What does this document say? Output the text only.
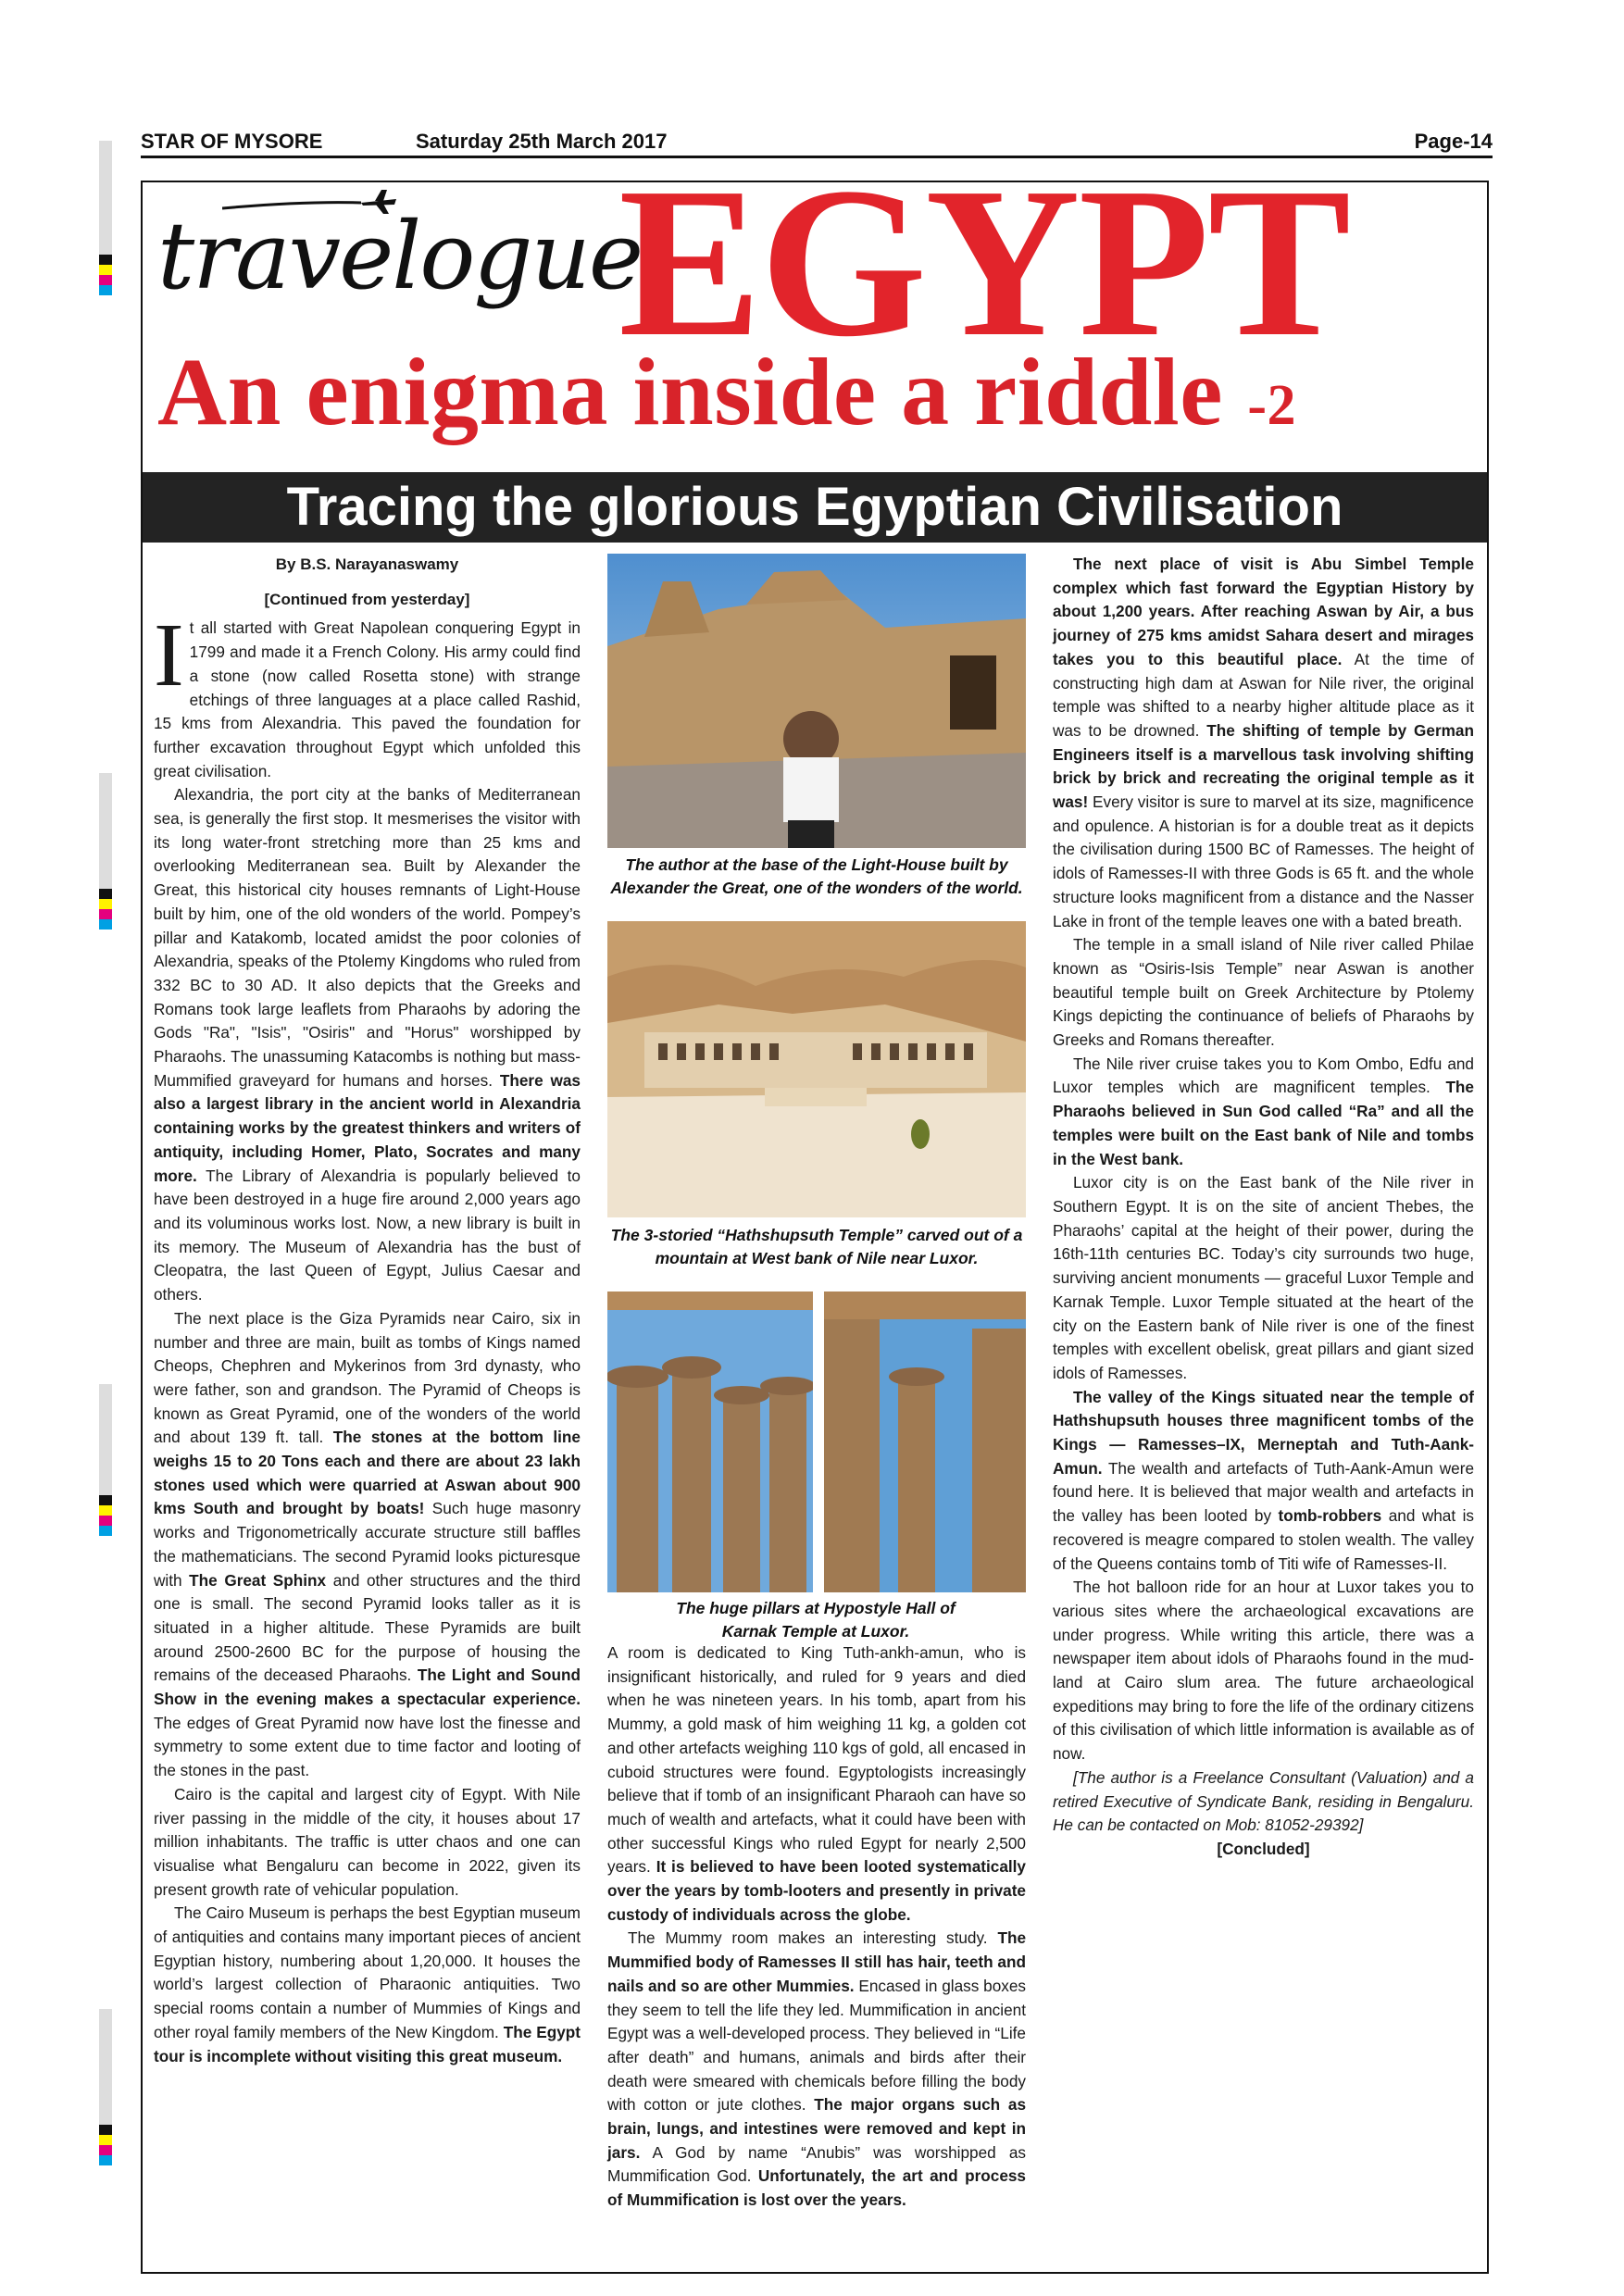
STAR OF MYSORE	Saturday 25th March 2017	Page-14
travelogue
EGYPT
An enigma inside a riddle -2
Tracing the glorious Egyptian Civilisation
By B.S. Narayanaswamy
[Continued from yesterday]

It all started with Great Napolean conquering Egypt in 1799 and made it a French Colony. His army could find a stone (now called Rosetta stone) with strange etchings of three languages at a place called Rashid, 15 kms from Alexandria. This paved the foundation for further excavation throughout Egypt which unfolded this great civilisation.

Alexandria, the port city at the banks of Mediterranean sea, is generally the first stop. It mesmerises the visitor with its long water-front stretching more than 25 kms and overlooking Mediterranean sea. Built by Alexander the Great, this historical city houses remnants of Light-House built by him, one of the old wonders of the world. Pompey’s pillar and Katakomb, located amidst the poor colonies of Alexandria, speaks of the Ptolemy Kingdoms who ruled from 332 BC to 30 AD. It also depicts that the Greeks and Romans took large leaflets from Pharaohs by adoring the Gods "Ra", "Isis", "Osiris" and "Horus" worshipped by Pharaohs. The unassuming Katacombs is nothing but mass-Mummified graveyard for humans and horses. There was also a largest library in the ancient world in Alexandria containing works by the greatest thinkers and writers of antiquity, including Homer, Plato, Socrates and many more. The Library of Alexandria is popularly believed to have been destroyed in a huge fire around 2,000 years ago and its voluminous works lost. Now, a new library is built in its memory. The Museum of Alexandria has the bust of Cleopatra, the last Queen of Egypt, Julius Caesar and others.

The next place is the Giza Pyramids near Cairo, six in number and three are main, built as tombs of Kings named Cheops, Chephren and Mykerinos from 3rd dynasty, who were father, son and grandson. The Pyramid of Cheops is known as Great Pyramid, one of the wonders of the world and about 139 ft. tall. The stones at the bottom line weighs 15 to 20 Tons each and there are about 23 lakh stones used which were quarried at Aswan about 900 kms South and brought by boats! Such huge masonry works and Trigonometrically accurate structure still baffles the mathematicians. The second Pyramid looks picturesque with The Great Sphinx and other structures and the third one is small. The second Pyramid looks taller as it is situated in a higher altitude. These Pyramids are built around 2500-2600 BC for the purpose of housing the remains of the deceased Pharaohs. The Light and Sound Show in the evening makes a spectacular experience. The edges of Great Pyramid now have lost the finesse and symmetry to some extent due to time factor and looting of the stones in the past.

Cairo is the capital and largest city of Egypt. With Nile river passing in the middle of the city, it houses about 17 million inhabitants. The traffic is utter chaos and one can visualise what Bengaluru can become in 2022, given its present growth rate of vehicular population.

The Cairo Museum is perhaps the best Egyptian museum of antiquities and contains many important pieces of ancient Egyptian history, numbering about 1,20,000. It houses the world’s largest collection of Pharaonic antiquities. Two special rooms contain a number of Mummies of Kings and other royal family members of the New Kingdom. The Egypt tour is incomplete without visiting this great museum.

The author at the base of the Light-House built by Alexander the Great, one of the wonders of the world.
The 3-storied “Hathshupsuth Temple” carved out of a mountain at West bank of Nile near Luxor.
The huge pillars at Hypostyle Hall of Karnak Temple at Luxor.

A room is dedicated to King Tuth-ankh-amun, who is insignificant historically, and ruled for 9 years and died when he was nineteen years. In his tomb, apart from his Mummy, a gold mask of him weighing 11 kg, a golden cot and other artefacts weighing 110 kgs of gold, all encased in cuboid structures were found. Egyptologists increasingly believe that if tomb of an insignificant Pharaoh can have so much of wealth and artefacts, what it could have been with other successful Kings who ruled Egypt for nearly 2,500 years. It is believed to have been looted systematically over the years by tomb-looters and presently in private custody of individuals across the globe.

The Mummy room makes an interesting study. The Mummified body of Ramesses II still has hair, teeth and nails and so are other Mummies. Encased in glass boxes they seem to tell the life they led. Mummification in ancient Egypt was a well-developed process. They believed in “Life after death” and humans, animals and birds after their death were smeared with chemicals before filling the body with cotton or jute clothes. The major organs such as brain, lungs, and intestines were removed and kept in jars. A God by name “Anubis” was worshipped as Mummification God. Unfortunately, the art and process of Mummification is lost over the years.

The next place of visit is Abu Simbel Temple complex which fast forward the Egyptian History by about 1,200 years. After reaching Aswan by Air, a bus journey of 275 kms amidst Sahara desert and mirages takes you to this beautiful place. At the time of constructing high dam at Aswan for Nile river, the original temple was shifted to a nearby higher altitude place as it was to be drowned. The shifting of temple by German Engineers itself is a marvellous task involving shifting brick by brick and recreating the original temple as it was! Every visitor is sure to marvel at its size, magnificence and opulence. A historian is for a double treat as it depicts the civilisation during 1500 BC of Ramesses. The height of idols of Ramesses-II with three Gods is 65 ft. and the whole structure looks magnificent from a distance and the Nasser Lake in front of the temple leaves one with a bated breath.

The temple in a small island of Nile river called Philae known as “Osiris-Isis Temple” near Aswan is another beautiful temple built on Greek Architecture by Ptolemy Kings depicting the continuance of beliefs of Pharaohs by Greeks and Romans thereafter.

The Nile river cruise takes you to Kom Ombo, Edfu and Luxor temples which are magnificent temples. The Pharaohs believed in Sun God called “Ra” and all the temples were built on the East bank of Nile and tombs in the West bank.

Luxor city is on the East bank of the Nile river in Southern Egypt. It is on the site of ancient Thebes, the Pharaohs’ capital at the height of their power, during the 16th-11th centuries BC. Today’s city surrounds two huge, surviving ancient monuments — graceful Luxor Temple and Karnak Temple. Luxor Temple situated at the heart of the city on the Eastern bank of Nile river is one of the finest temples with excellent obelisk, great pillars and giant sized idols of Ramesses.

The valley of the Kings situated near the temple of Hathshupsuth houses three magnificent tombs of the Kings — Ramesses–IX, Merneptah and Tuth-Aank-Amun. The wealth and artefacts of Tuth-Aank-Amun were found here. It is believed that major wealth and artefacts in the valley has been looted by tomb-robbers and what is recovered is meagre compared to stolen wealth. The valley of the Queens contains tomb of Titi wife of Ramesses-II.

The hot balloon ride for an hour at Luxor takes you to various sites where the archaeological excavations are under progress. While writing this article, there was a newspaper item about idols of Pharaohs found in the mud-land at Cairo slum area. The future archaeological expeditions may bring to fore the life of the ordinary citizens of this civilisation of which little information is available as of now.

[The author is a Freelance Consultant (Valuation) and a retired Executive of Syndicate Bank, residing in Bengaluru. He can be contacted on Mob: 81052-29392]

[Concluded]
